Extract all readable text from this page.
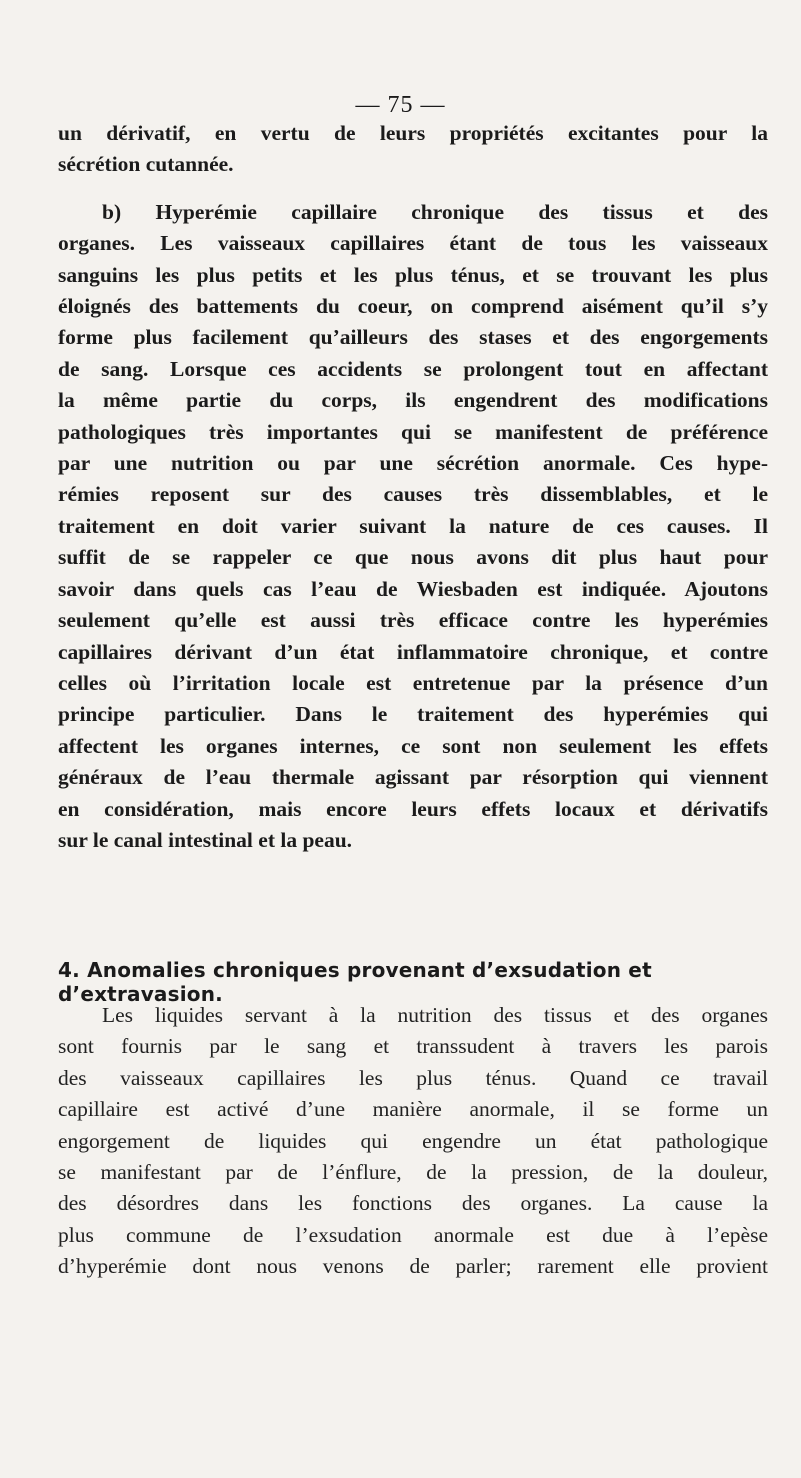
— 75 —
un dérivatif, en vertu de leurs propriétés excitantes pour la
sécrétion cutannée.
b) Hyperémie capillaire chronique des tissus et des
organes. Les vaisseaux capillaires étant de tous les vaisseaux
sanguins les plus petits et les plus ténus, et se trouvant les plus
éloignés des battements du coeur, on comprend aisément qu’il s’y
forme plus facilement qu’ailleurs des stases et des engorgements
de sang. Lorsque ces accidents se prolongent tout en affectant
la même partie du corps, ils engendrent des modifications
pathologiques très importantes qui se manifestent de préférence
par une nutrition ou par une sécrétion anormale. Ces hype-
rémies reposent sur des causes très dissemblables, et le
traitement en doit varier suivant la nature de ces causes. Il
suffit de se rappeler ce que nous avons dit plus haut pour
savoir dans quels cas l’eau de Wiesbaden est indiquée. Ajoutons
seulement qu’elle est aussi très efficace contre les hyperémies
capillaires dérivant d’un état inflammatoire chronique, et contre
celles où l’irritation locale est entretenue par la présence d’un
principe particulier. Dans le traitement des hyperémies qui
affectent les organes internes, ce sont non seulement les effets
généraux de l’eau thermale agissant par résorption qui viennent
en considération, mais encore leurs effets locaux et dérivatifs
sur le canal intestinal et la peau.
4. Anomalies chroniques provenant d’exsudation et d’extravasion.
Les liquides servant à la nutrition des tissus et des organes
sont fournis par le sang et transsudent à travers les parois
des vaisseaux capillaires les plus ténus. Quand ce travail
capillaire est activé d’une manière anormale, il se forme un
engorgement de liquides qui engendre un état pathologique
se manifestant par de l’énflure, de la pression, de la douleur,
des désordres dans les fonctions des organes. La cause la
plus commune de l’exsudation anormale est due à l’epèse
d’hyperémie dont nous venons de parler; rarement elle provient
